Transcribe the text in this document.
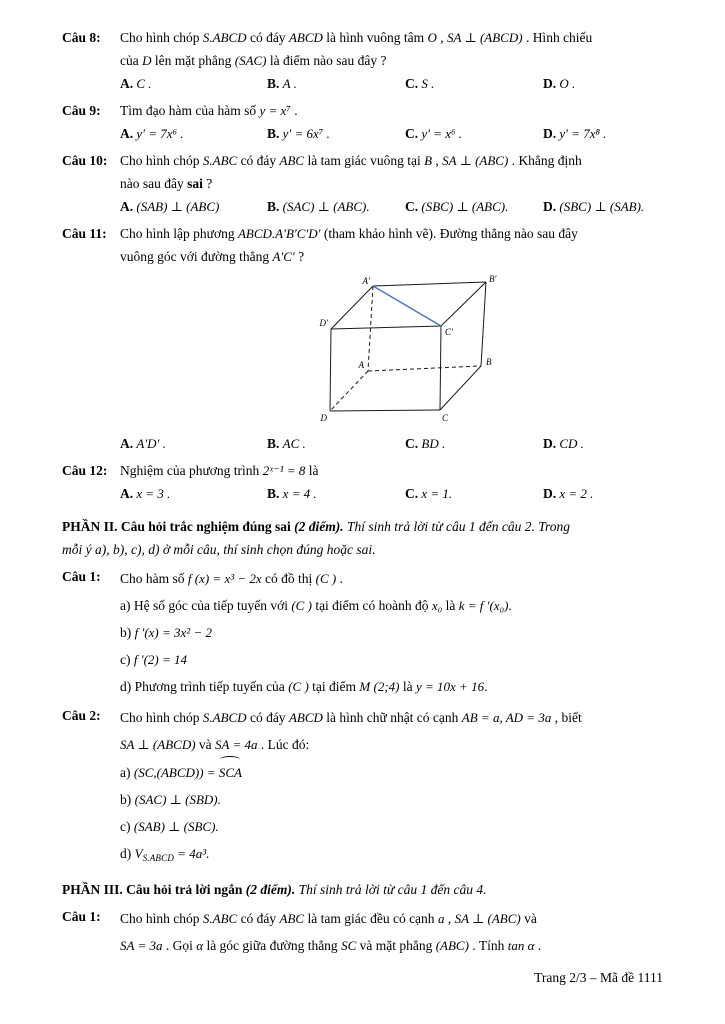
Câu 8:	Cho hình chóp S.ABCD có đáy ABCD là hình vuông tâm O , SA ⊥ (ABCD) . Hình chiếu

của D lên mặt phẳng (SAC) là điểm nào sau đây ?

A. C .	B. A .	C. S .	D. O .
Câu 9:	Tìm đạo hàm của hàm số y = x⁷ .

A. y′ = 7x⁶ .	B. y′ = 6x⁷ .	C. y′ = x⁶ .	D. y′ = 7x⁸ .
Câu 10: Cho hình chóp S.ABC có đáy ABC là tam giác vuông tại B , SA ⊥ (ABC) . Khẳng định

nào sau đây sai ?

A. (SAB) ⊥ (ABC)	B. (SAC) ⊥ (ABC).	C. (SBC) ⊥ (ABC).	D. (SBC) ⊥ (SAB).
Câu 11: Cho hình lập phương ABCD.A′B′C′D′ (tham khảo hình vẽ). Đường thẳng nào sau đây

vuông góc với đường thẳng A′C′ ?

A′	B′
C′
D′
A	B
C
D
A. A′D′ .	B. AC .	C. BD .	D. CD .
Câu 12: Nghiệm của phương trình 2ˣ⁻¹ = 8 là

A. x = 3 .	B. x = 4 .	C. x = 1.	D. x = 2 .

PHẦN II. Câu hỏi trắc nghiệm đúng sai (2 điểm). Thí sinh trả lời từ câu 1 đến câu 2. Trong

mỗi ý a), b), c), d) ở mỗi câu, thí sinh chọn đúng hoặc sai.

Câu 1:	Cho hàm số f (x) = x³ − 2x có đồ thị (C ) .

a) Hệ số góc của tiếp tuyến với (C ) tại điểm có hoành độ x₀ là k = f ′(x₀).

b) f ′(x) = 3x² − 2

c) f ′(2) = 14

d) Phương trình tiếp tuyến của (C ) tại điểm M (2;4) là y = 10x + 16.

Câu 2:	Cho hình chóp S.ABCD có đáy ABCD là hình chữ nhật có cạnh AB = a, AD = 3a , biết

SA ⊥ (ABCD) và SA = 4a . Lúc đó:

a) (SC,(ABCD)) = SCA

b) (SAC) ⊥ (SBD).

c) (SAB) ⊥ (SBC).

d) $V_{S.ABCD} = 4a^3$.

PHẦN III. Câu hỏi trả lời ngắn (2 điểm). Thí sinh trả lời từ câu 1 đến câu 4.

Câu 1:	Cho hình chóp S.ABC có đáy ABC là tam giác đều có cạnh a , SA ⊥ (ABC) và

SA = 3a . Gọi α là góc giữa đường thẳng SC và mặt phẳng (ABC) . Tính tan α .

Trang 2/3 – Mã đề 1111
